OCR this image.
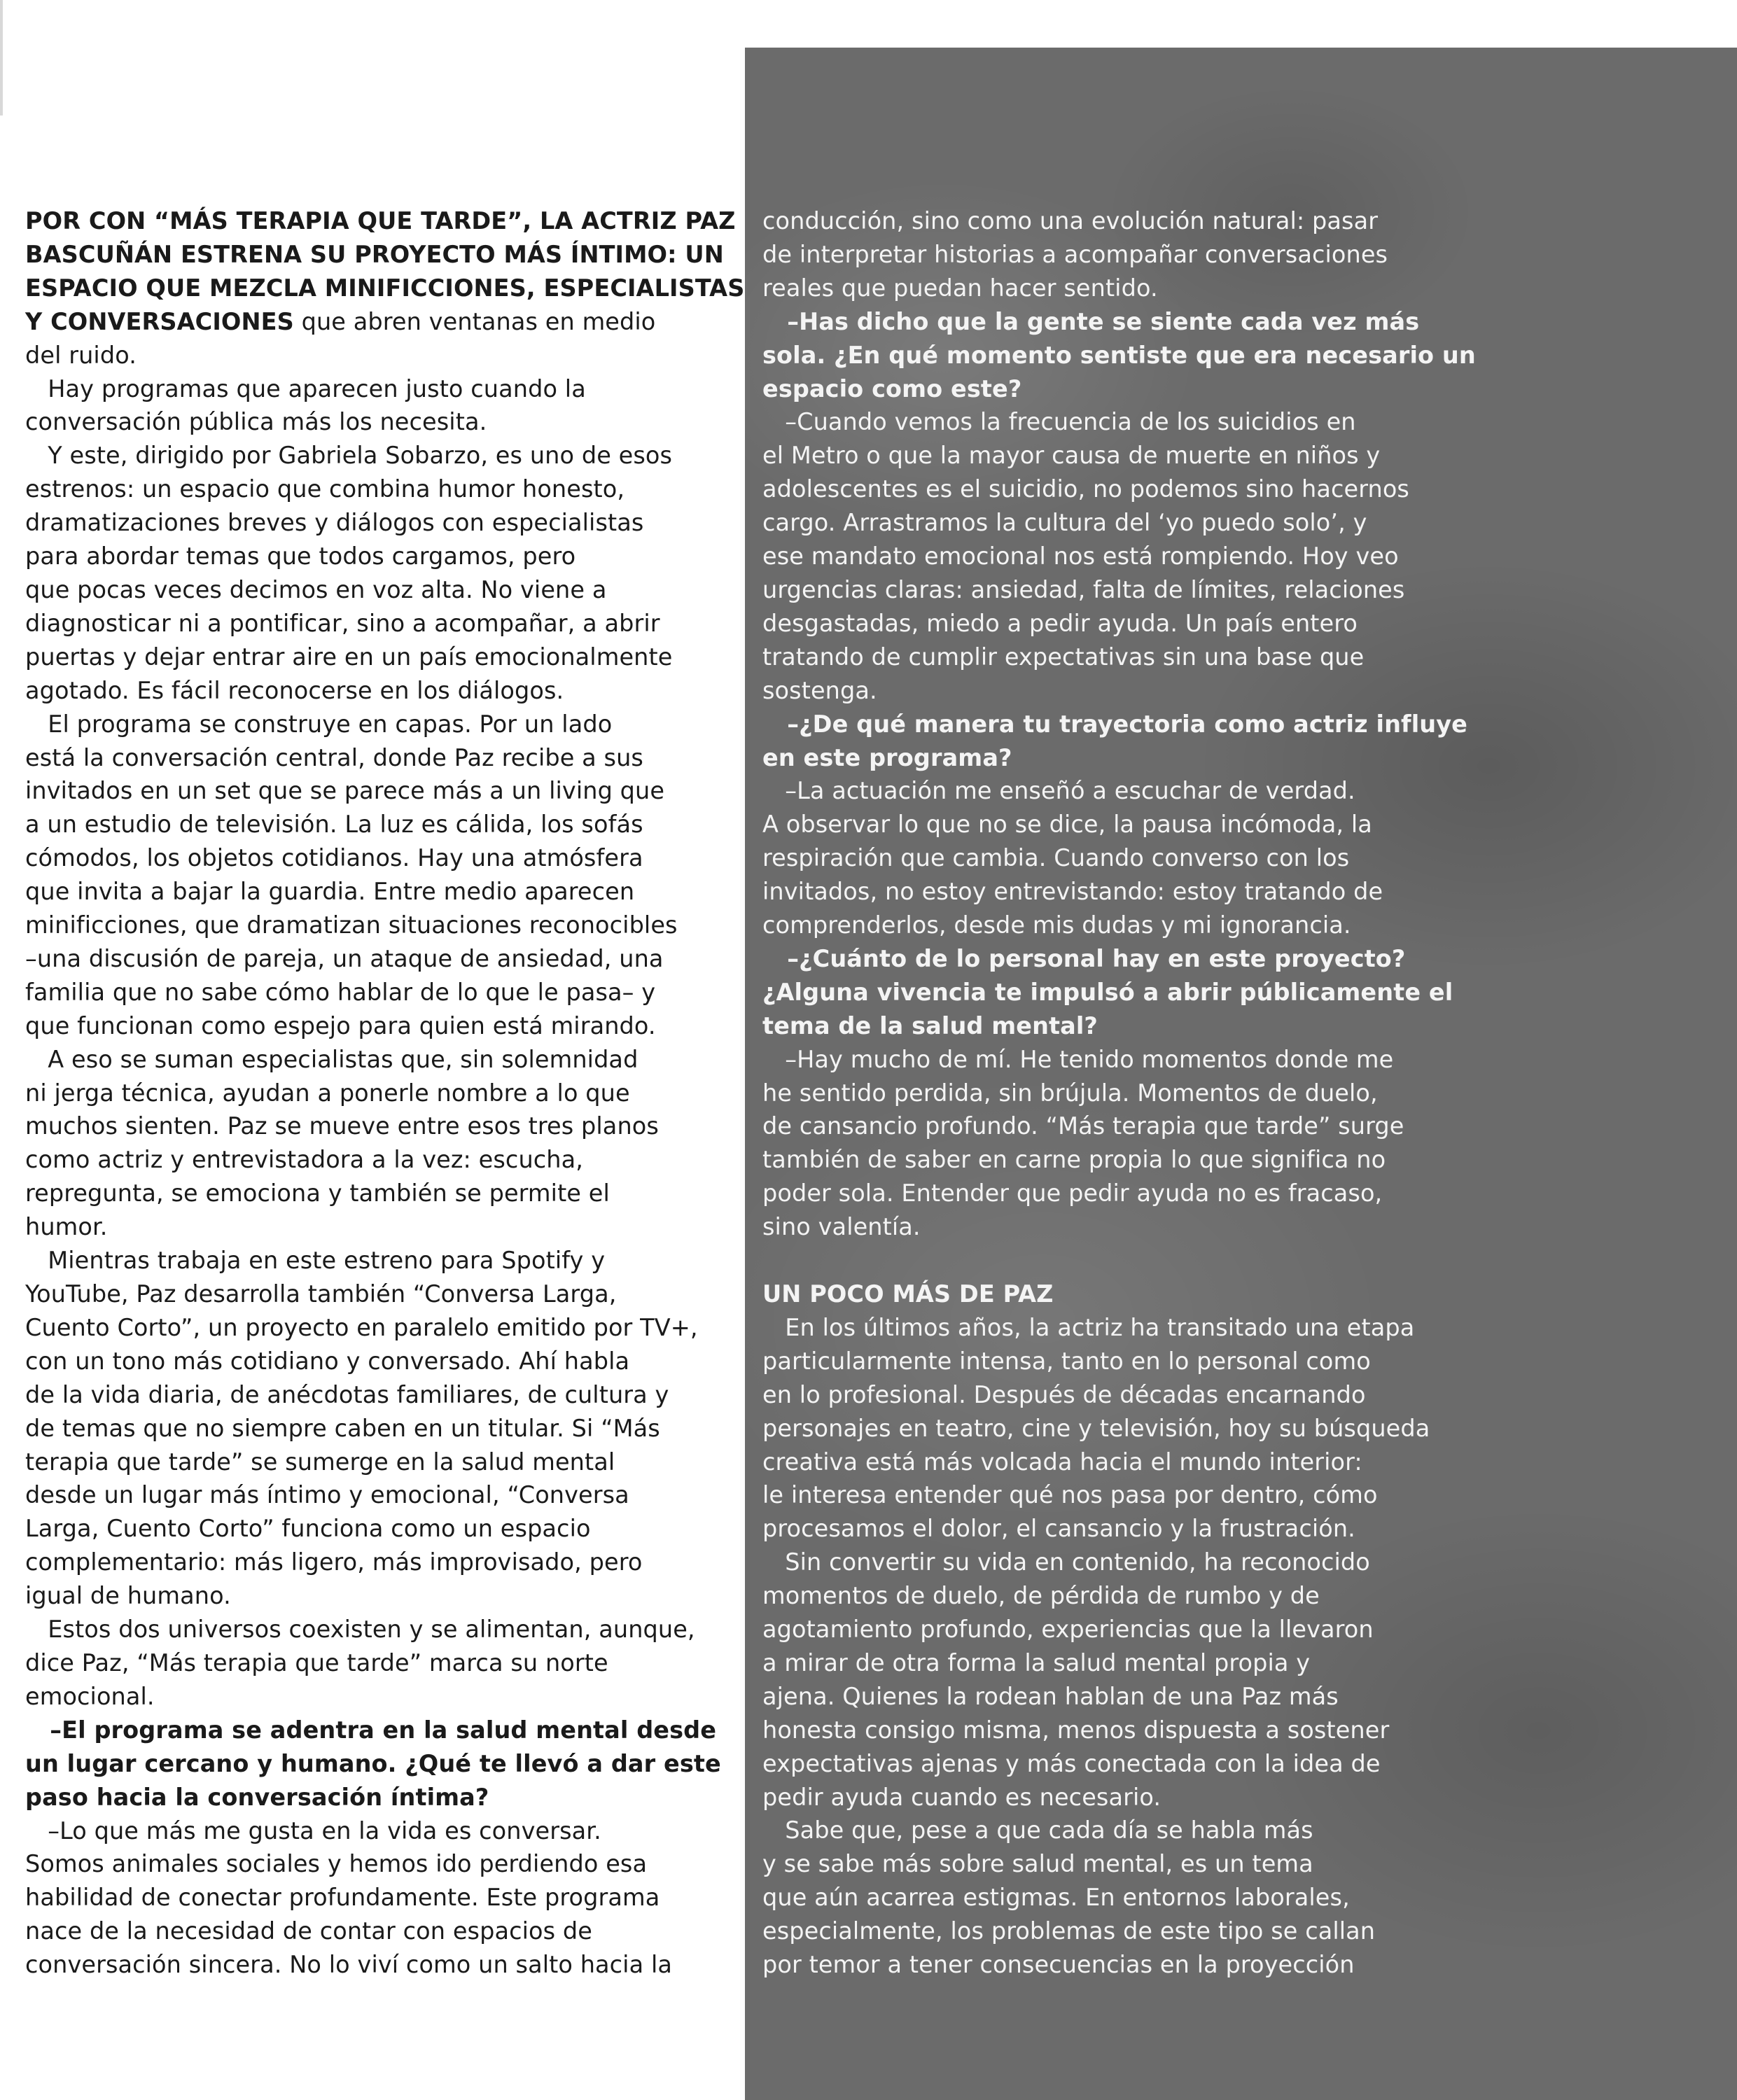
POR CON “MÁS TERAPIA QUE TARDE”, LA ACTRIZ PAZ
BASCUÑÁN ESTRENA SU PROYECTO MÁS ÍNTIMO: UN
ESPACIO QUE MEZCLA MINIFICCIONES, ESPECIALISTAS
Y CONVERSACIONES que abren ventanas en medio
del ruido.
Hay programas que aparecen justo cuando la
conversación pública más los necesita.
Y este, dirigido por Gabriela Sobarzo, es uno de esos
estrenos: un espacio que combina humor honesto,
dramatizaciones breves y diálogos con especialistas
para abordar temas que todos cargamos, pero
que pocas veces decimos en voz alta. No viene a
diagnosticar ni a pontificar, sino a acompañar, a abrir
puertas y dejar entrar aire en un país emocionalmente
agotado. Es fácil reconocerse en los diálogos.
El programa se construye en capas. Por un lado
está la conversación central, donde Paz recibe a sus
invitados en un set que se parece más a un living que
a un estudio de televisión. La luz es cálida, los sofás
cómodos, los objetos cotidianos. Hay una atmósfera
que invita a bajar la guardia. Entre medio aparecen
minificciones, que dramatizan situaciones reconocibles
–una discusión de pareja, un ataque de ansiedad, una
familia que no sabe cómo hablar de lo que le pasa– y
que funcionan como espejo para quien está mirando.
A eso se suman especialistas que, sin solemnidad
ni jerga técnica, ayudan a ponerle nombre a lo que
muchos sienten. Paz se mueve entre esos tres planos
como actriz y entrevistadora a la vez: escucha,
repregunta, se emociona y también se permite el
humor.
Mientras trabaja en este estreno para Spotify y
YouTube, Paz desarrolla también “Conversa Larga,
Cuento Corto”, un proyecto en paralelo emitido por TV+,
con un tono más cotidiano y conversado. Ahí habla
de la vida diaria, de anécdotas familiares, de cultura y
de temas que no siempre caben en un titular. Si “Más
terapia que tarde” se sumerge en la salud mental
desde un lugar más íntimo y emocional, “Conversa
Larga, Cuento Corto” funciona como un espacio
complementario: más ligero, más improvisado, pero
igual de humano.
Estos dos universos coexisten y se alimentan, aunque,
dice Paz, “Más terapia que tarde” marca su norte
emocional.
–El programa se adentra en la salud mental desde
un lugar cercano y humano. ¿Qué te llevó a dar este
paso hacia la conversación íntima?
–Lo que más me gusta en la vida es conversar.
Somos animales sociales y hemos ido perdiendo esa
habilidad de conectar profundamente. Este programa
nace de la necesidad de contar con espacios de
conversación sincera. No lo viví como un salto hacia la
conducción, sino como una evolución natural: pasar
de interpretar historias a acompañar conversaciones
reales que puedan hacer sentido.
–Has dicho que la gente se siente cada vez más
sola. ¿En qué momento sentiste que era necesario un
espacio como este?
–Cuando vemos la frecuencia de los suicidios en
el Metro o que la mayor causa de muerte en niños y
adolescentes es el suicidio, no podemos sino hacernos
cargo. Arrastramos la cultura del ‘yo puedo solo’, y
ese mandato emocional nos está rompiendo. Hoy veo
urgencias claras: ansiedad, falta de límites, relaciones
desgastadas, miedo a pedir ayuda. Un país entero
tratando de cumplir expectativas sin una base que
sostenga.
–¿De qué manera tu trayectoria como actriz influye
en este programa?
–La actuación me enseñó a escuchar de verdad.
A observar lo que no se dice, la pausa incómoda, la
respiración que cambia. Cuando converso con los
invitados, no estoy entrevistando: estoy tratando de
comprenderlos, desde mis dudas y mi ignorancia.
–¿Cuánto de lo personal hay en este proyecto?
¿Alguna vivencia te impulsó a abrir públicamente el
tema de la salud mental?
–Hay mucho de mí. He tenido momentos donde me
he sentido perdida, sin brújula. Momentos de duelo,
de cansancio profundo. “Más terapia que tarde” surge
también de saber en carne propia lo que significa no
poder sola. Entender que pedir ayuda no es fracaso,
sino valentía.
UN POCO MÁS DE PAZ
En los últimos años, la actriz ha transitado una etapa
particularmente intensa, tanto en lo personal como
en lo profesional. Después de décadas encarnando
personajes en teatro, cine y televisión, hoy su búsqueda
creativa está más volcada hacia el mundo interior:
le interesa entender qué nos pasa por dentro, cómo
procesamos el dolor, el cansancio y la frustración.
Sin convertir su vida en contenido, ha reconocido
momentos de duelo, de pérdida de rumbo y de
agotamiento profundo, experiencias que la llevaron
a mirar de otra forma la salud mental propia y
ajena. Quienes la rodean hablan de una Paz más
honesta consigo misma, menos dispuesta a sostener
expectativas ajenas y más conectada con la idea de
pedir ayuda cuando es necesario.
Sabe que, pese a que cada día se habla más
y se sabe más sobre salud mental, es un tema
que aún acarrea estigmas. En entornos laborales,
especialmente, los problemas de este tipo se callan
por temor a tener consecuencias en la proyección
